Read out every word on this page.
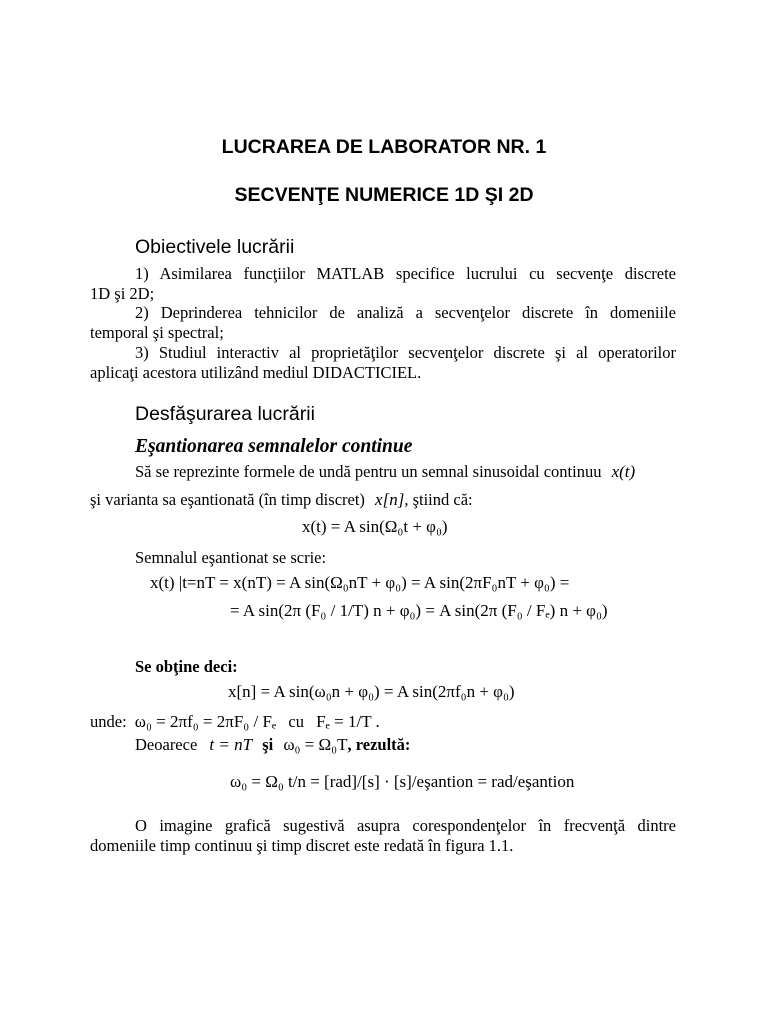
LUCRAREA DE LABORATOR NR. 1
SECVENŢE NUMERICE 1D ŞI 2D
Obiectivele lucrării
1) Asimilarea funcţiilor MATLAB specifice lucrului cu secvenţe discrete
1D şi 2D;
2) Deprinderea tehnicilor de analiză a secvenţelor discrete în domeniile
temporal şi spectral;
3) Studiul interactiv al proprietăţilor secvenţelor discrete şi al operatorilor
aplicaţi acestora utilizând mediul DIDACTICIEL.
Desfăşurarea lucrării
Eşantionarea semnalelor continue
Să se reprezinte formele de undă pentru un semnal sinusoidal continuu x(t)
şi varianta sa eşantionată (în timp discret) x[n], ştiind că:
x(t) = A sin(Ω₀t + φ₀)
Semnalul eşantionat se scrie:
x(t) |t=nT = x(nT) = A sin(Ω₀nT + φ₀) = A sin(2πF₀nT + φ₀) =
= A sin(2π (F₀ / 1/T) n + φ₀) = A sin(2π (F₀ / Fₑ) n + φ₀)
Se obţine deci:
x[n] = A sin(ω₀n + φ₀) = A sin(2πf₀n + φ₀)
unde: ω₀ = 2πf₀ = 2πF₀ / Fₑ cu Fₑ = 1/T .
Deoarece t = nT şi ω₀ = Ω₀T, rezultă:
ω₀ = Ω₀ t/n = [rad]/[s] · [s]/eşantion = rad/eşantion
O imagine grafică sugestivă asupra corespondenţelor în frecvenţă dintre
domeniile timp continuu şi timp discret este redată în figura 1.1.
